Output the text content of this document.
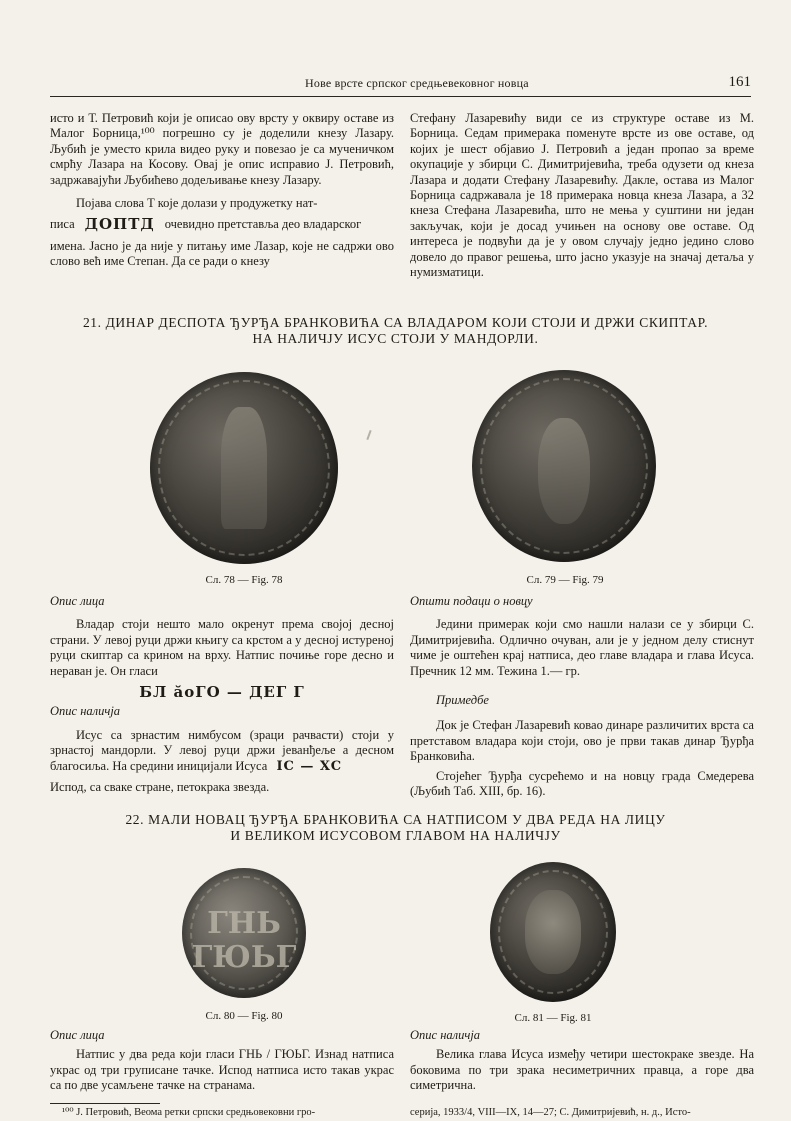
Нове врсте српског средњевековног новца	161

исто и Т. Петровић који је описао ову врсту у оквиру оставе из Малог Борница,¹⁰⁰ погрешно су је доделили кнезу Лазару. Љубић је уместо крила видео руку и повезао је са мученичком смрћу Лазара на Косову. Овај је опис исправио Ј. Петровић, задржавајући Љубићево додељивање кнезу Лазару.

Појава слова T које долази у продужетку нат-

писа ДОПТД очевидно претставља део владарског

имена. Јасно је да није у питању име Лазар, које не садржи ово слово већ име Степан. Да се ради о кнезу

Стефану Лазаревићу види се из структуре оставе из М. Борница. Седам примерака поменуте врсте из ове оставе, од којих је шест објавио Ј. Петровић а један пропао за време окупације у збирци С. Димитријевића, треба одузети од кнеза Лазара и додати Стефану Лазаревићу. Дакле, остава из Малог Борница садржавала је 18 примерака новца кнеза Лазара, а 32 кнеза Стефана Лазаревића, што не мења у суштини ни један закључак, који је досад учињен на основу ове оставе. Од интереса је подвући да је у овом случају једно једино слово довело до правог решења, што јасно указује на значај детаља у нумизматици.

21. ДИНАР ДЕСПОТА ЂУРЂА БРАНКОВИЋА СА ВЛАДАРОМ КОЈИ СТОЈИ И ДРЖИ СКИПТАР.
НА НАЛИЧЈУ ИСУС СТОЈИ У МАНДОРЛИ.
Сл. 78 — Fig. 78	Сл. 79 — Fig. 79

Опис лица

Владар стоји нешто мало окренут према својој десној страни. У левој руци држи књигу са крстом а у десној истуреној руци скиптар са крином на врху. Натпис почиње горе десно и нераван је. Он гласи

БЛ ӑоГО — ДЕГ Г

Опис наличја

Исус са зрнастим нимбусом (зраци рачвасти) стоји у зрнастој мандорли. У левој руци држи јеванђеље а десном благосиља. На средини иницијали Исуса IC — XC

Испод, са сваке стране, петокрака звезда.

Општи подаци о новцу

Једини примерак који смо нашли налази се у збирци С. Димитријевића. Одлично очуван, али је у једном делу стиснут чиме је оштећен крај натписа, део главе владара и глава Исуса. Пречник 12 мм. Тежина 1.— гр.

Примедбе

Док је Стефан Лазаревић ковао динаре различитих врста са претставом владара који стоји, ово је први такав динар Ђурђа Бранковића.

Стојећег Ђурђа сусрећемо и на новцу града Смедерева (Љубић Таб. XIII, бр. 16).

22. МАЛИ НОВАЦ ЂУРЂА БРАНКОВИЋА СА НАТПИСОМ У ДВА РЕДА НА ЛИЦУ
И ВЕЛИКОМ ИСУСОВОМ ГЛАВОМ НА НАЛИЧЈУ
ГНЬ
ГЮЬГ
Сл. 80 — Fig. 80	Сл. 81 — Fig. 81

Опис лица

Натпис у два реда који гласи ГНЬ / ГЮЬГ. Изнад натписа украс од три груписане тачке. Испод натписа исто такав украс са по две усамљене тачке на странама.

Опис наличја

Велика глава Исуса између четири шестокраке звезде. На боковима по три зрака несиметричних правца, а горе два симетрична.

¹⁰⁰ Ј. Петровић, Веома ретки српски средњовековни гро-	серија, 1933/4, VIII—IX, 14—27; С. Димитријевић, н. д., Исто-
